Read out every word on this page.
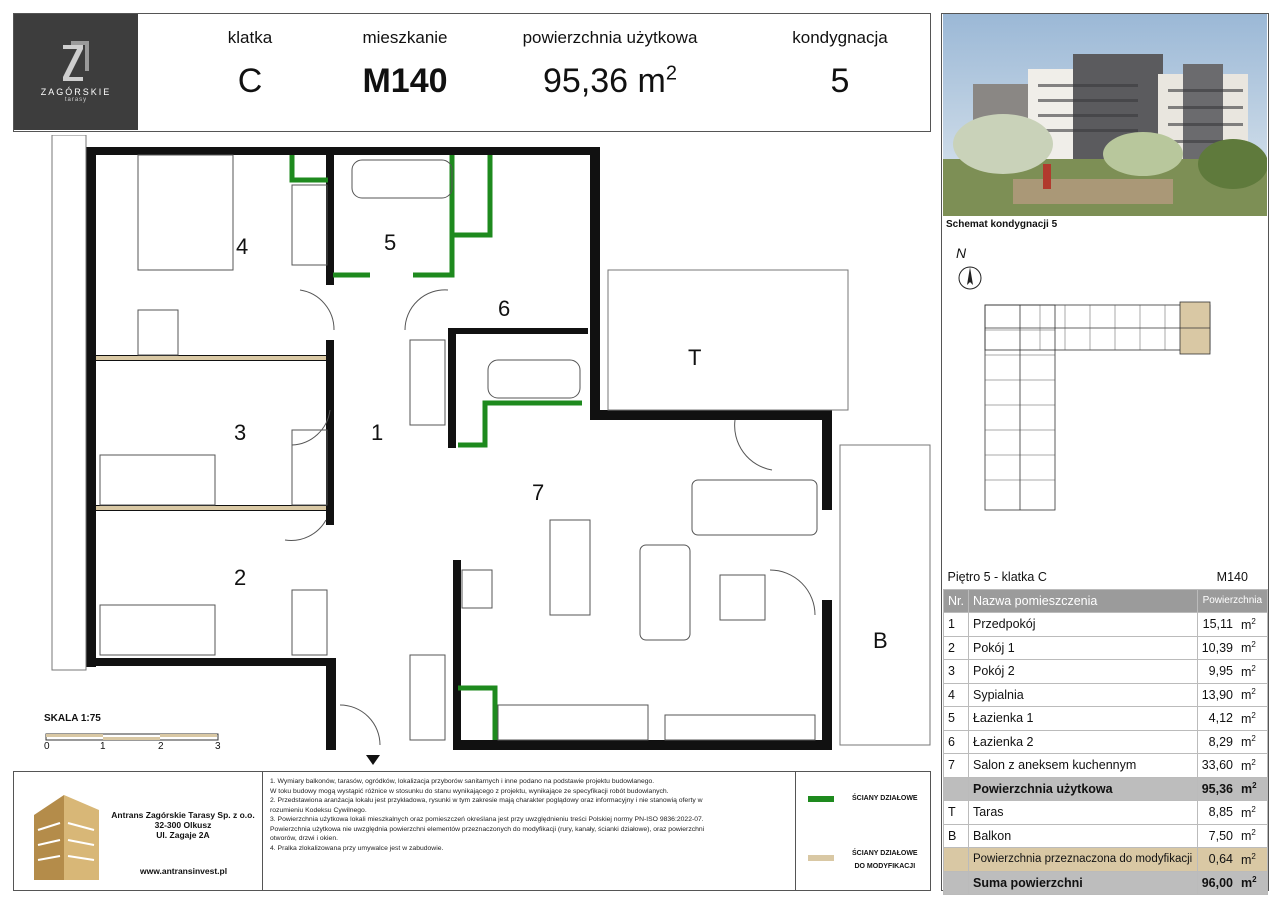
ZAGÓRSKIE
tarasy
klatka
C
mieszkanie
M140
powierzchnia użytkowa
95,36 $m^2$
kondygnacja
5
Schemat kondygnacji 5
N
Piętro 5 - klatka C		M140	
Nr.	Nazwa pomieszczenia	Powierzchnia	
1	Przedpokój	15,11	$m^2$
2	Pokój 1	10,39	$m^2$
3	Pokój 2	9,95	$m^2$
4	Sypialnia	13,90	$m^2$
5	Łazienka 1	4,12	$m^2$
6	Łazienka 2	8,29	$m^2$
7	Salon z aneksem kuchennym	33,60	$m^2$
	Powierzchnia użytkowa	95,36	$m^2$
T	Taras	8,85	$m^2$
B	Balkon	7,50	$m^2$
	Powierzchnia przeznaczona do modyfikacji	0,64	$m^2$
	Suma powierzchni	96,00	$m^2$
4	5
6
T
3	1
7
2
B
SKALA 1:75
0	1	2	3
Antrans Zagórskie Tarasy Sp. z o.o.
32-300 Olkusz
Ul. Zagaje 2A
www.antransinvest.pl
1. Wymiary balkonów, tarasów, ogródków, lokalizacja przyborów sanitarnych i inne podano na podstawie projektu budowlanego.
W toku budowy mogą wystąpić różnice w stosunku do stanu wynikającego z projektu, wynikające ze specyfikacji robót budowlanych.
2. Przedstawiona aranżacja lokalu jest przykładowa, rysunki w tym zakresie mają charakter poglądowy oraz informacyjny i nie stanowią oferty w
rozumieniu Kodeksu Cywilnego.
3. Powierzchnia użytkowa lokali mieszkalnych oraz pomieszczeń określana jest przy uwzględnieniu treści Polskiej normy PN-ISO 9836:2022-07.
Powierzchnia użytkowa nie uwzględnia powierzchni elementów przeznaczonych do modyfikacji (rury, kanały, ścianki działowe), oraz powierzchni
otworów, drzwi i okien.
4. Pralka zlokalizowana przy umywalce jest w zabudowie.
ŚCIANY DZIAŁOWE
ŚCIANY DZIAŁOWE
DO MODYFIKACJI
